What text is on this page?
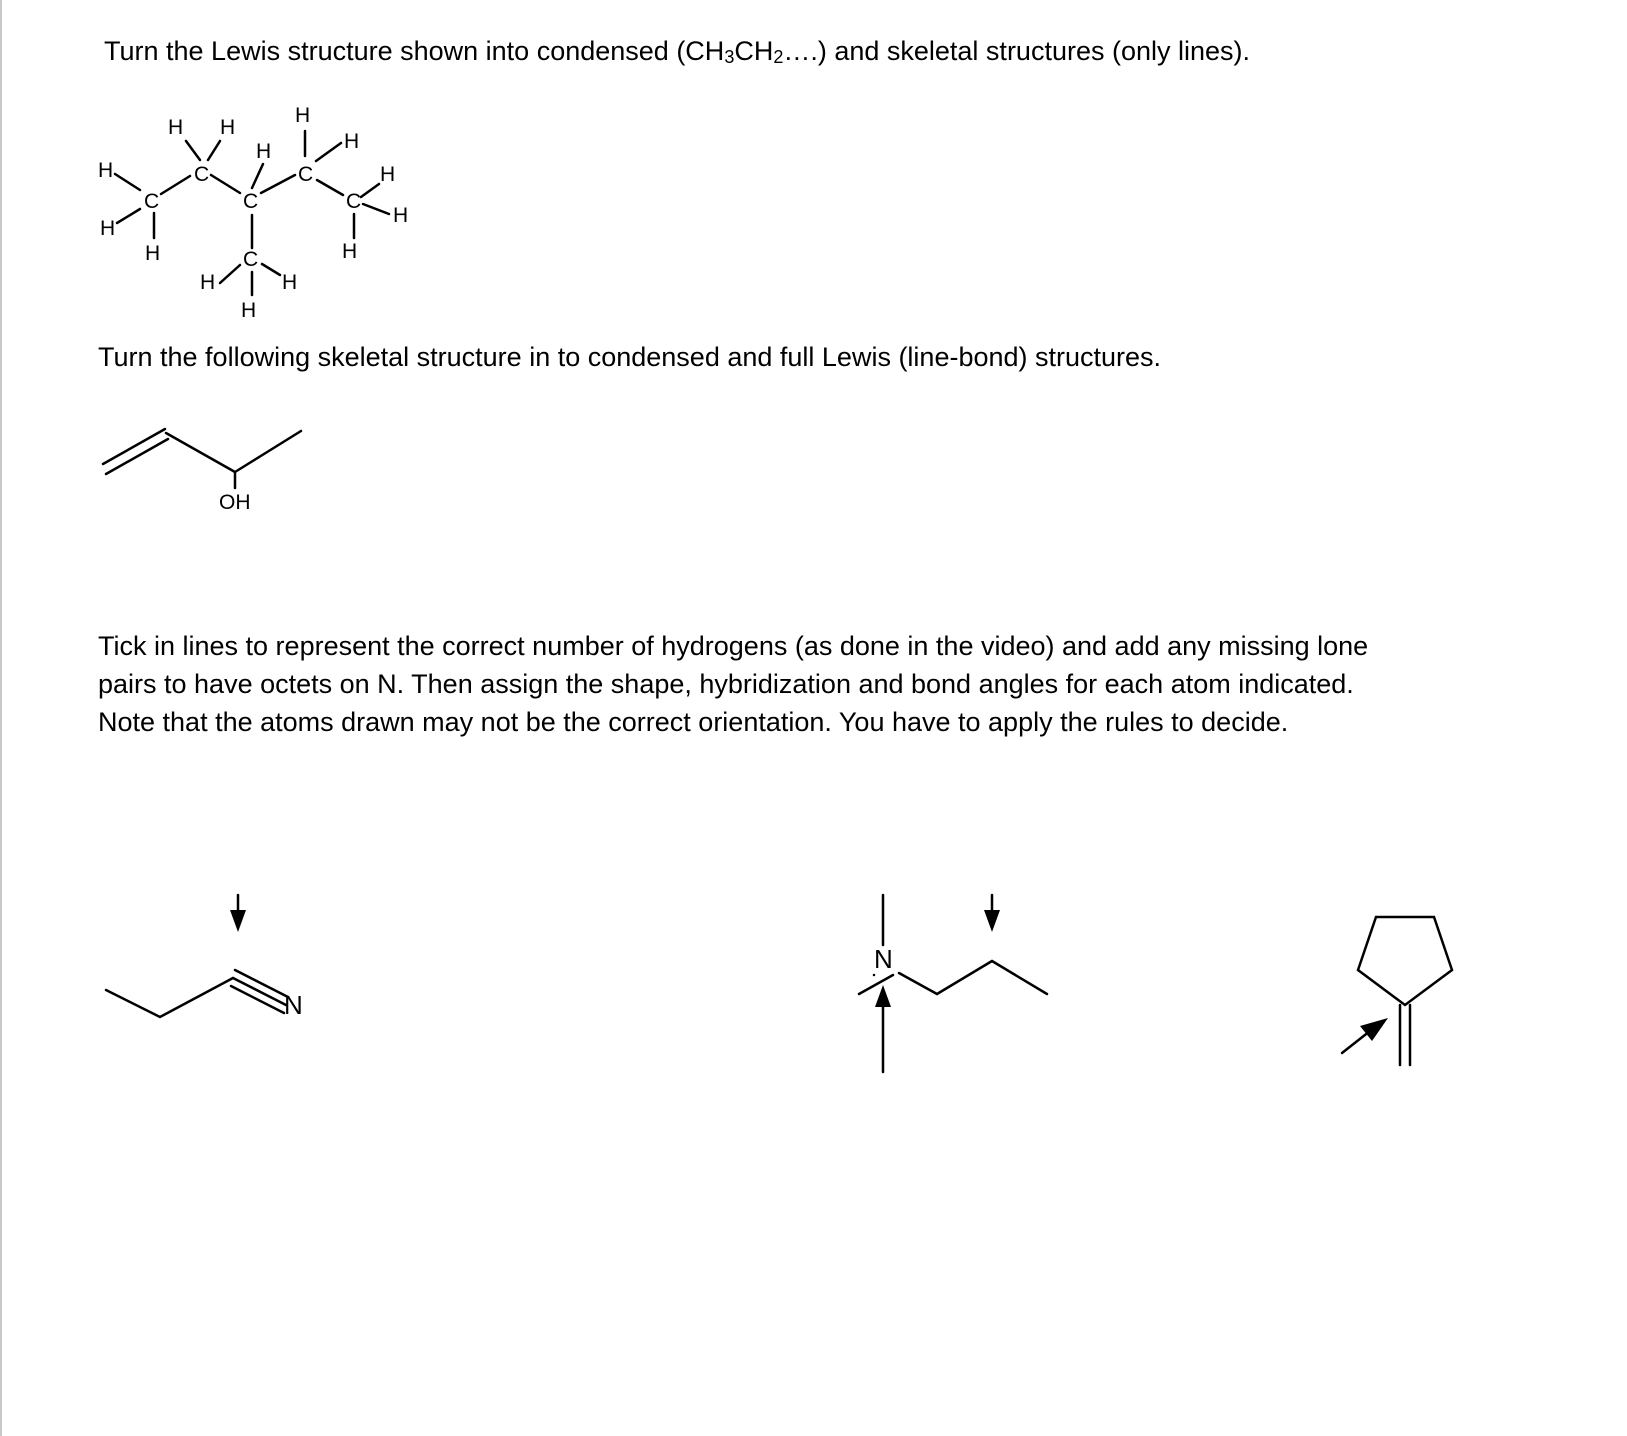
Turn the Lewis structure shown into condensed $(CH_3CH_2\dots.)$ and skeletal structures (only lines).

H H
H
H	H
H	H
H
H
H	H
H	H
H
C
C
C
C
C
C

Turn the following skeletal structure in to condensed and full Lewis (line-bond) structures.

OH

Tick in lines to represent the correct number of hydrogens (as done in the video) and add any missing lone
pairs to have octets on N. Then assign the shape, hybridization and bond angles for each atom indicated.
Note that the atoms drawn may not be the correct orientation. You have to apply the rules to decide.

N
N
